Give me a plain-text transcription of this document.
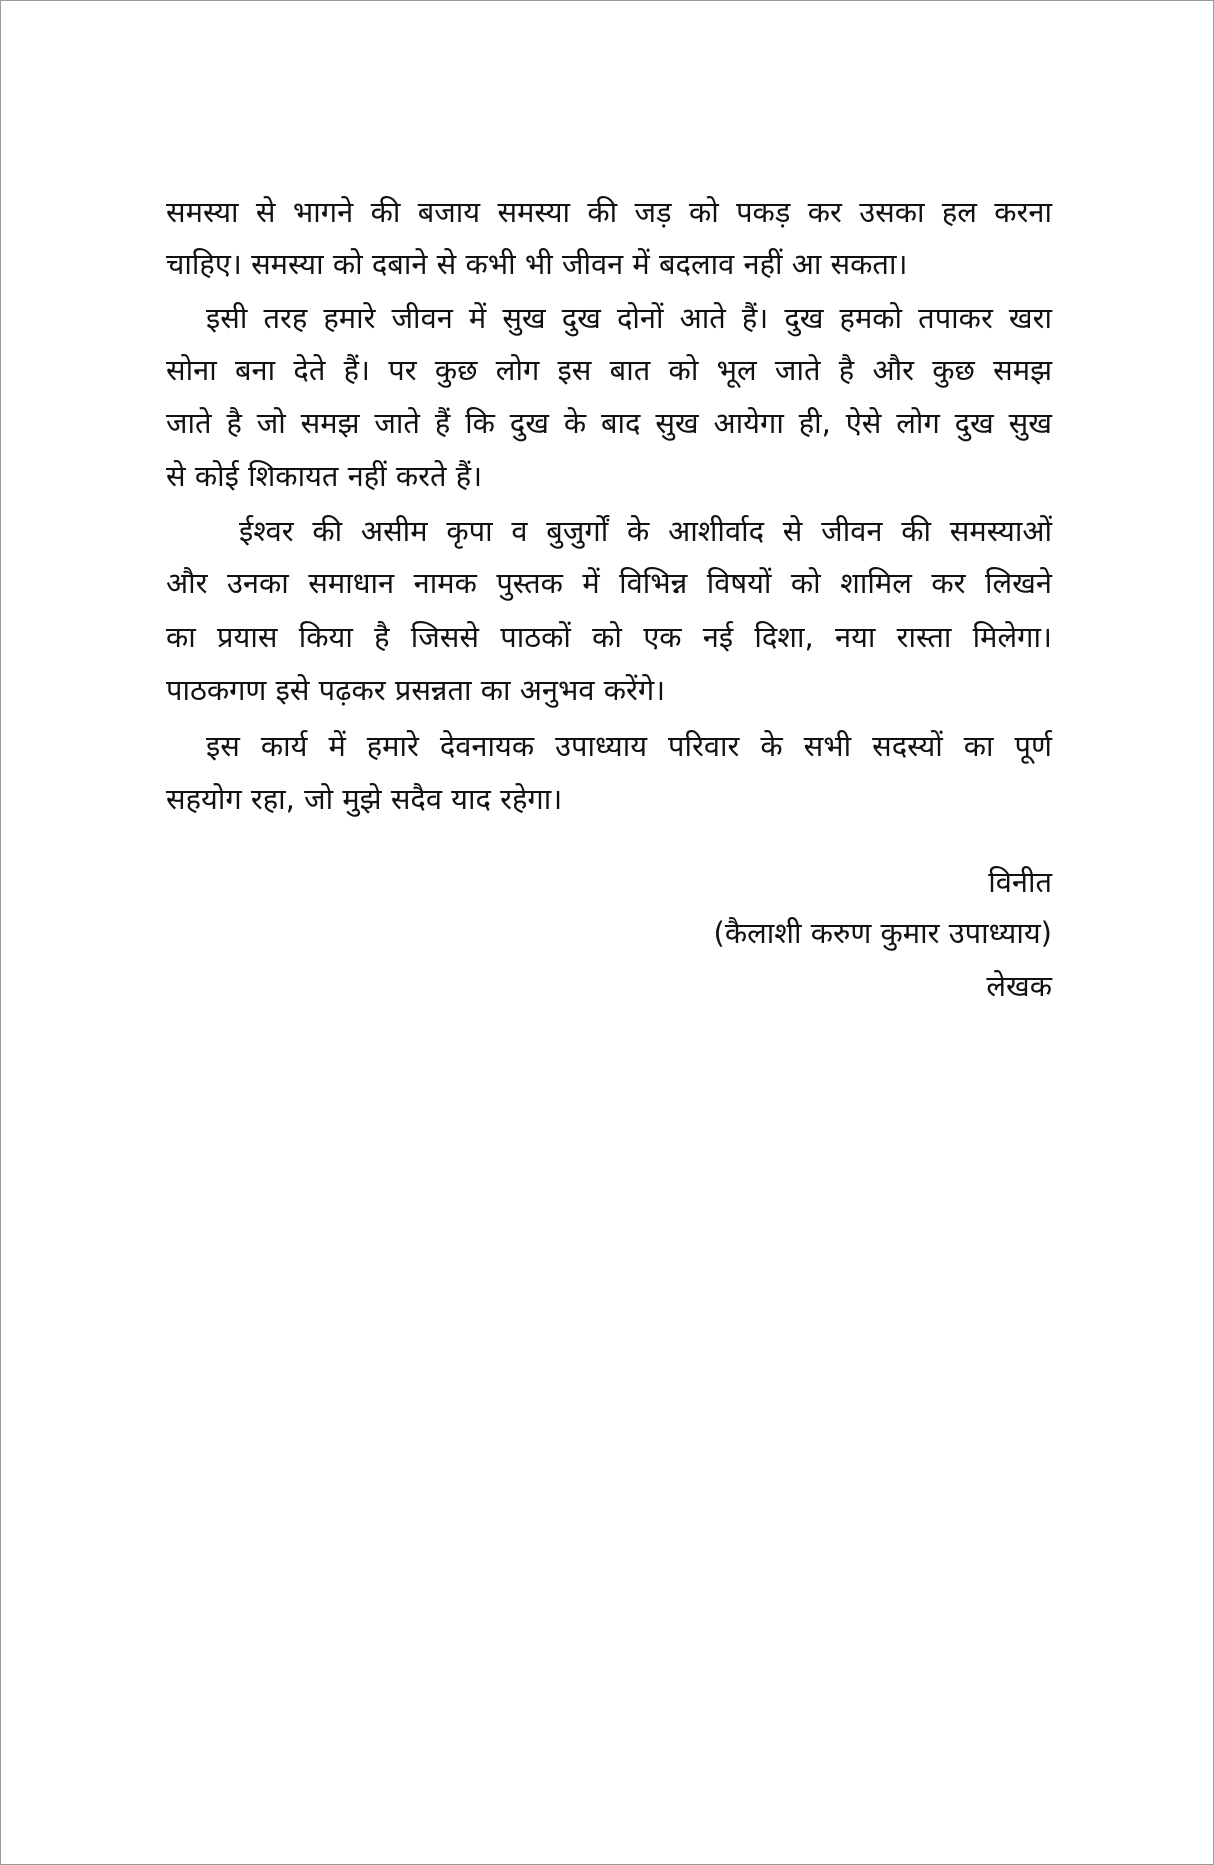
समस्या से भागने की बजाय समस्या की जड़ को पकड़ कर उसका हल करना
चाहिए। समस्या को दबाने से कभी भी जीवन में बदलाव नहीं आ सकता।
इसी तरह हमारे जीवन में सुख दुख दोनों आते हैं। दुख हमको तपाकर खरा
सोना बना देते हैं। पर कुछ लोग इस बात को भूल जाते है और कुछ समझ
जाते है जो समझ जाते हैं कि दुख के बाद सुख आयेगा ही, ऐसे लोग दुख सुख
से कोई शिकायत नहीं करते हैं।
ईश्वर की असीम कृपा व बुजुर्गों के आशीर्वाद से जीवन की समस्याओं
और उनका समाधान नामक पुस्तक में विभिन्न विषयों को शामिल कर लिखने
का प्रयास किया है जिससे पाठकों को एक नई दिशा, नया रास्ता मिलेगा।
पाठकगण इसे पढ़कर प्रसन्नता का अनुभव करेंगे।
इस कार्य में हमारे देवनायक उपाध्याय परिवार के सभी सदस्यों का पूर्ण
सहयोग रहा, जो मुझे सदैव याद रहेगा।
विनीत
(कैलाशी करुण कुमार उपाध्याय)
लेखक
